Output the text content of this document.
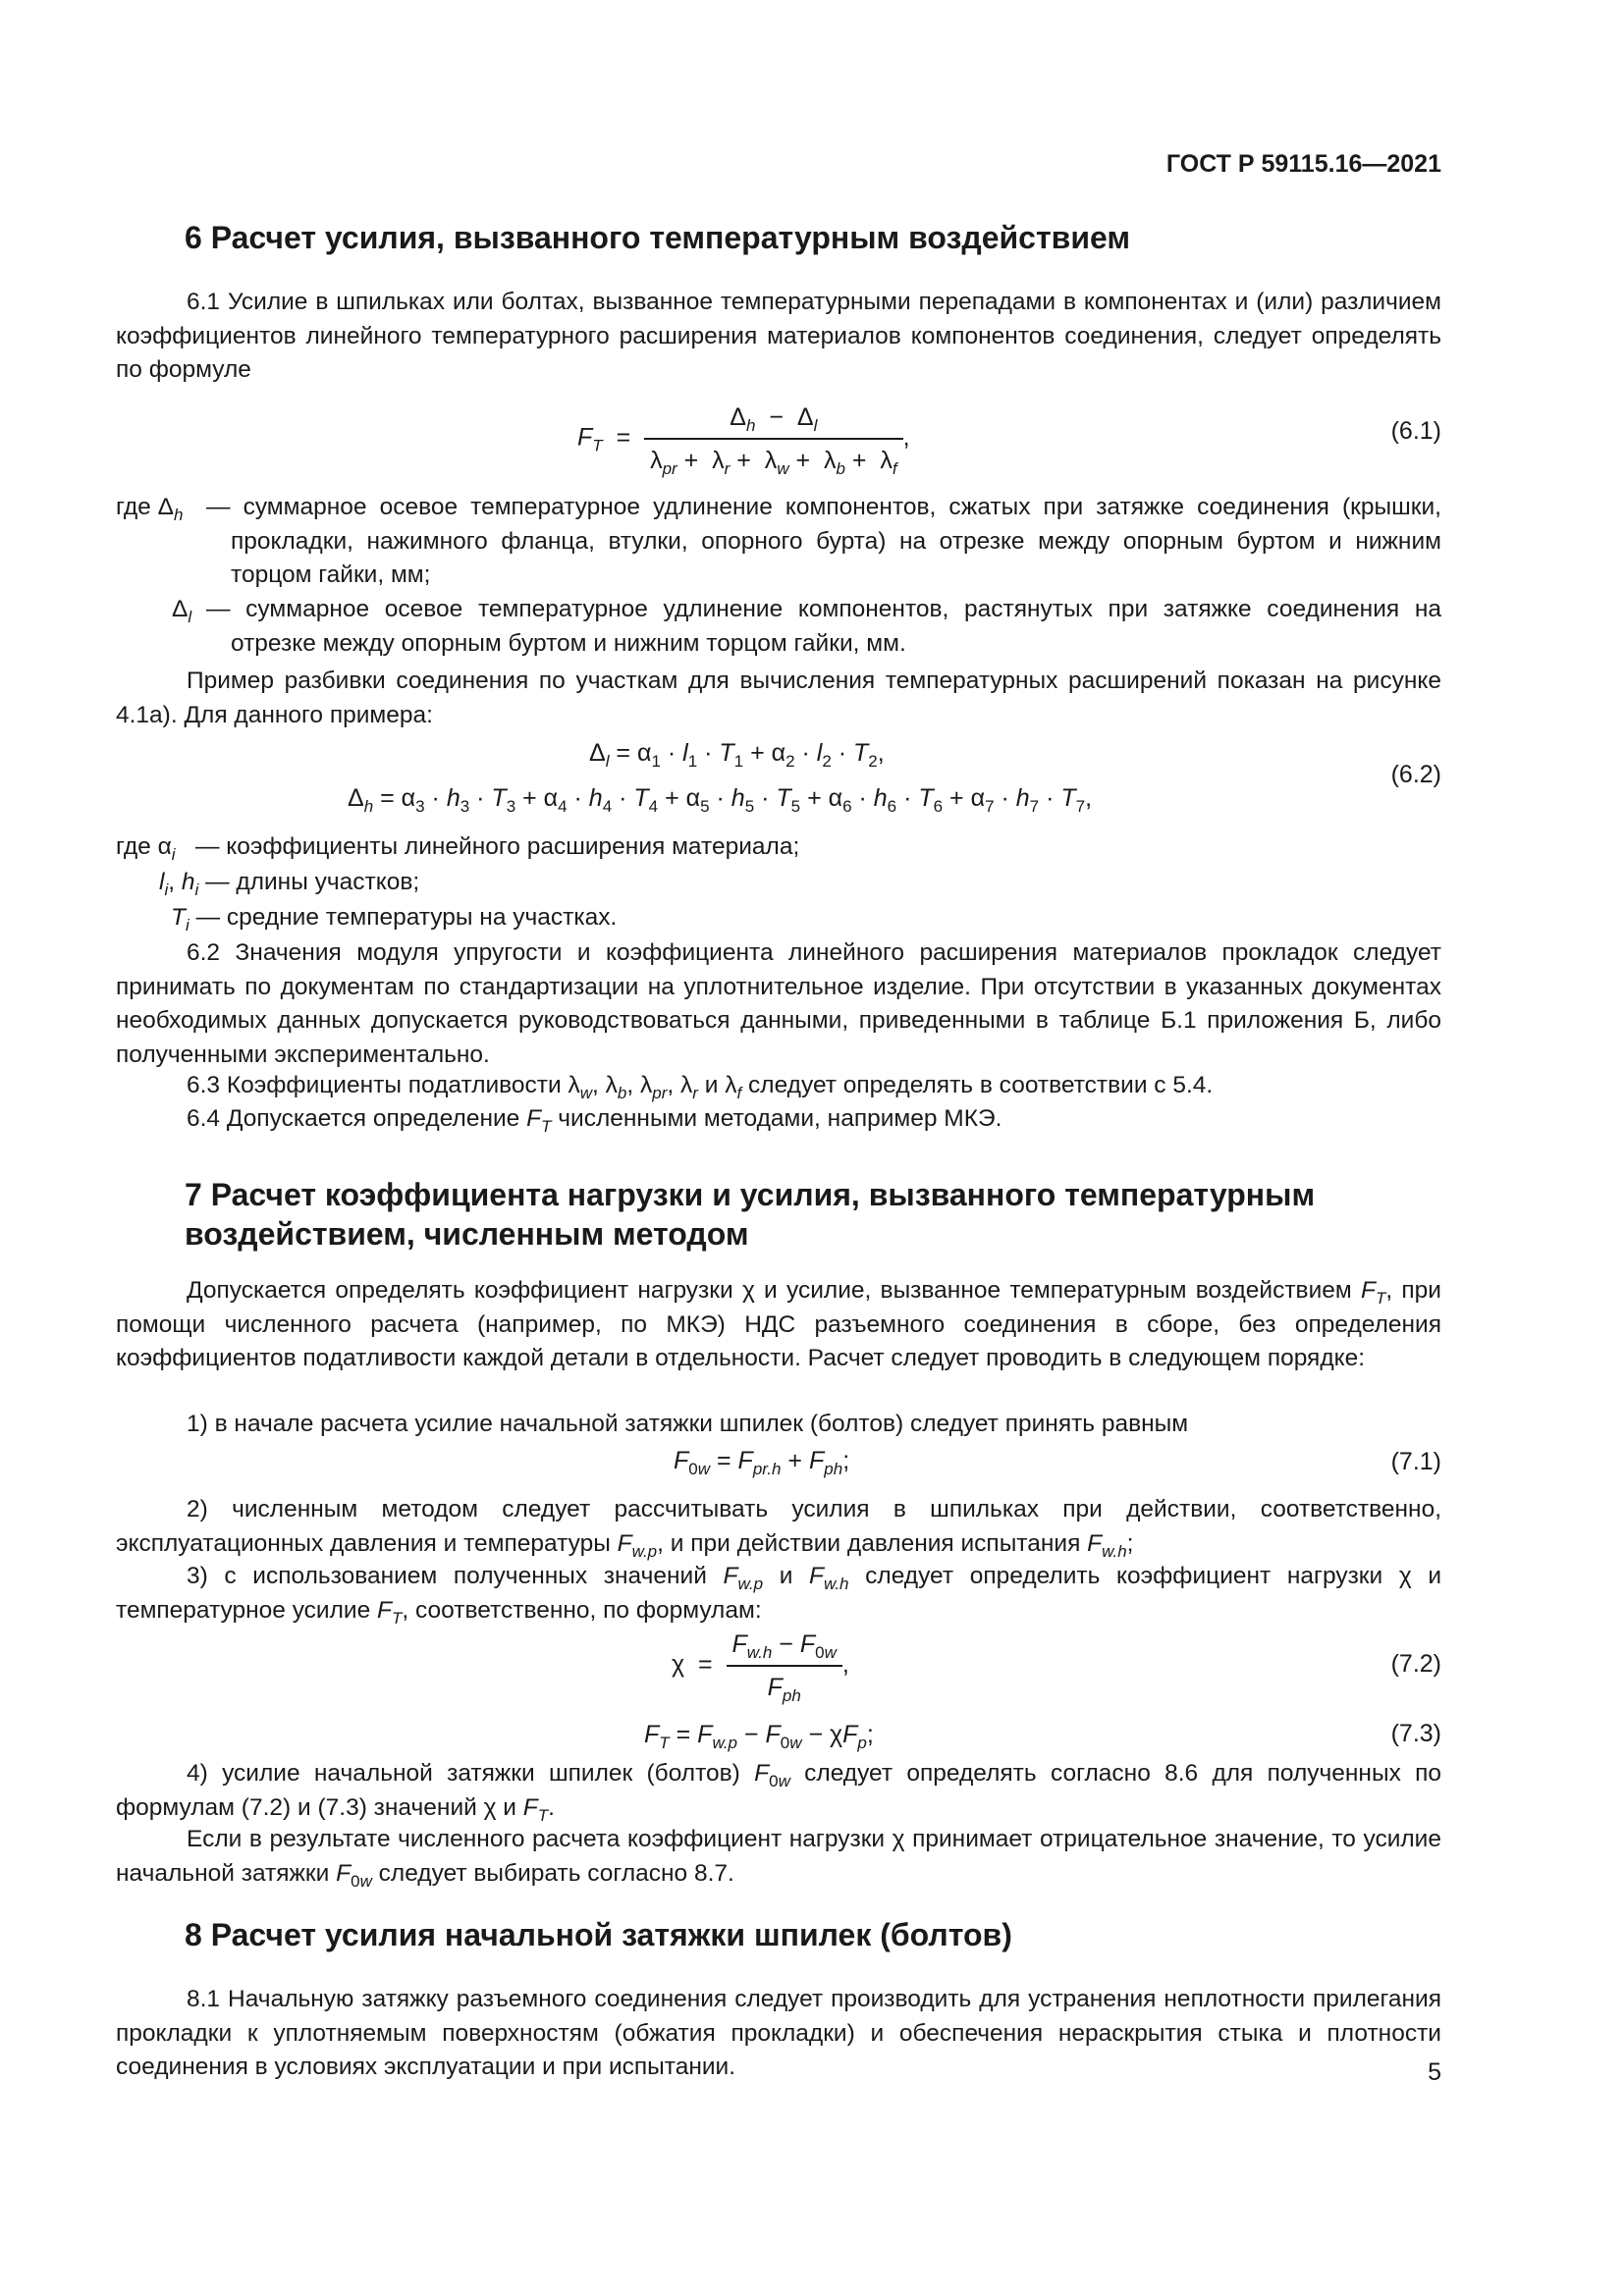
ГОСТ Р 59115.16—2021
6 Расчет усилия, вызванного температурным воздействием
6.1 Усилие в шпильках или болтах, вызванное температурными перепадами в компонентах и (или) различием коэффициентов линейного температурного расширения материалов компонентов соединения, следует определять по формуле
$F_T = \frac{\Delta_h - \Delta_l}{\lambda_{pr} + \lambda_r + \lambda_w + \lambda_b + \lambda_f}$ ,	(6.1)
где $\Delta_h$ — суммарное осевое температурное удлинение компонентов, сжатых при затяжке соединения (крышки, прокладки, нажимного фланца, втулки, опорного бурта) на отрезке между опорным буртом и нижним торцом гайки, мм;
$\Delta_l$ — суммарное осевое температурное удлинение компонентов, растянутых при затяжке соединения на отрезке между опорным буртом и нижним торцом гайки, мм.
Пример разбивки соединения по участкам для вычисления температурных расширений показан на рисунке 4.1а). Для данного примера:
$\Delta_l = \alpha_1 \cdot l_1 \cdot T_1 + \alpha_2 \cdot l_2 \cdot T_2$,
$\Delta_h = \alpha_3 \cdot h_3 \cdot T_3 + \alpha_4 \cdot h_4 \cdot T_4 + \alpha_5 \cdot h_5 \cdot T_5 + \alpha_6 \cdot h_6 \cdot T_6 + \alpha_7 \cdot h_7 \cdot T_7$,
(6.2)
где $\alpha_i$ — коэффициенты линейного расширения материала;
$l_i$, $h_i$ — длины участков;
$T_i$ — средние температуры на участках.
6.2 Значения модуля упругости и коэффициента линейного расширения материалов прокладок следует принимать по документам по стандартизации на уплотнительное изделие. При отсутствии в указанных документах необходимых данных допускается руководствоваться данными, приведенными в таблице Б.1 приложения Б, либо полученными экспериментально.
6.3 Коэффициенты податливости $\lambda_w$, $\lambda_b$, $\lambda_{pr}$, $\lambda_r$ и $\lambda_f$ следует определять в соответствии с 5.4.
6.4 Допускается определение $F_T$ численными методами, например МКЭ.
7 Расчет коэффициента нагрузки и усилия, вызванного температурным воздействием, численным методом
Допускается определять коэффициент нагрузки χ и усилие, вызванное температурным воздействием $F_T$, при помощи численного расчета (например, по МКЭ) НДС разъемного соединения в сборе, без определения коэффициентов податливости каждой детали в отдельности. Расчет следует проводить в следующем порядке:
1) в начале расчета усилие начальной затяжки шпилек (болтов) следует принять равным
$F_{0w} = F_{pr.h} + F_{ph}$;	(7.1)
2) численным методом следует рассчитывать усилия в шпильках при действии, соответственно, эксплуатационных давления и температуры $F_{w.p}$, и при действии давления испытания $F_{w.h}$;
3) с использованием полученных значений $F_{w.p}$ и $F_{w.h}$ следует определить коэффициент нагрузки χ и температурное усилие $F_T$, соответственно, по формулам:
$\chi = \frac{F_{w.h} - F_{0w}}{F_{ph}}$ ,	(7.2)
$F_T = F_{w.p} - F_{0w} - \chi F_p$;	(7.3)
4) усилие начальной затяжки шпилек (болтов) $F_{0w}$ следует определять согласно 8.6 для полученных по формулам (7.2) и (7.3) значений χ и $F_T$.
Если в результате численного расчета коэффициент нагрузки χ принимает отрицательное значение, то усилие начальной затяжки $F_{0w}$ следует выбирать согласно 8.7.
8 Расчет усилия начальной затяжки шпилек (болтов)
8.1 Начальную затяжку разъемного соединения следует производить для устранения неплотности прилегания прокладки к уплотняемым поверхностям (обжатия прокладки) и обеспечения нераскрытия стыка и плотности соединения в условиях эксплуатации и при испытании.	5
